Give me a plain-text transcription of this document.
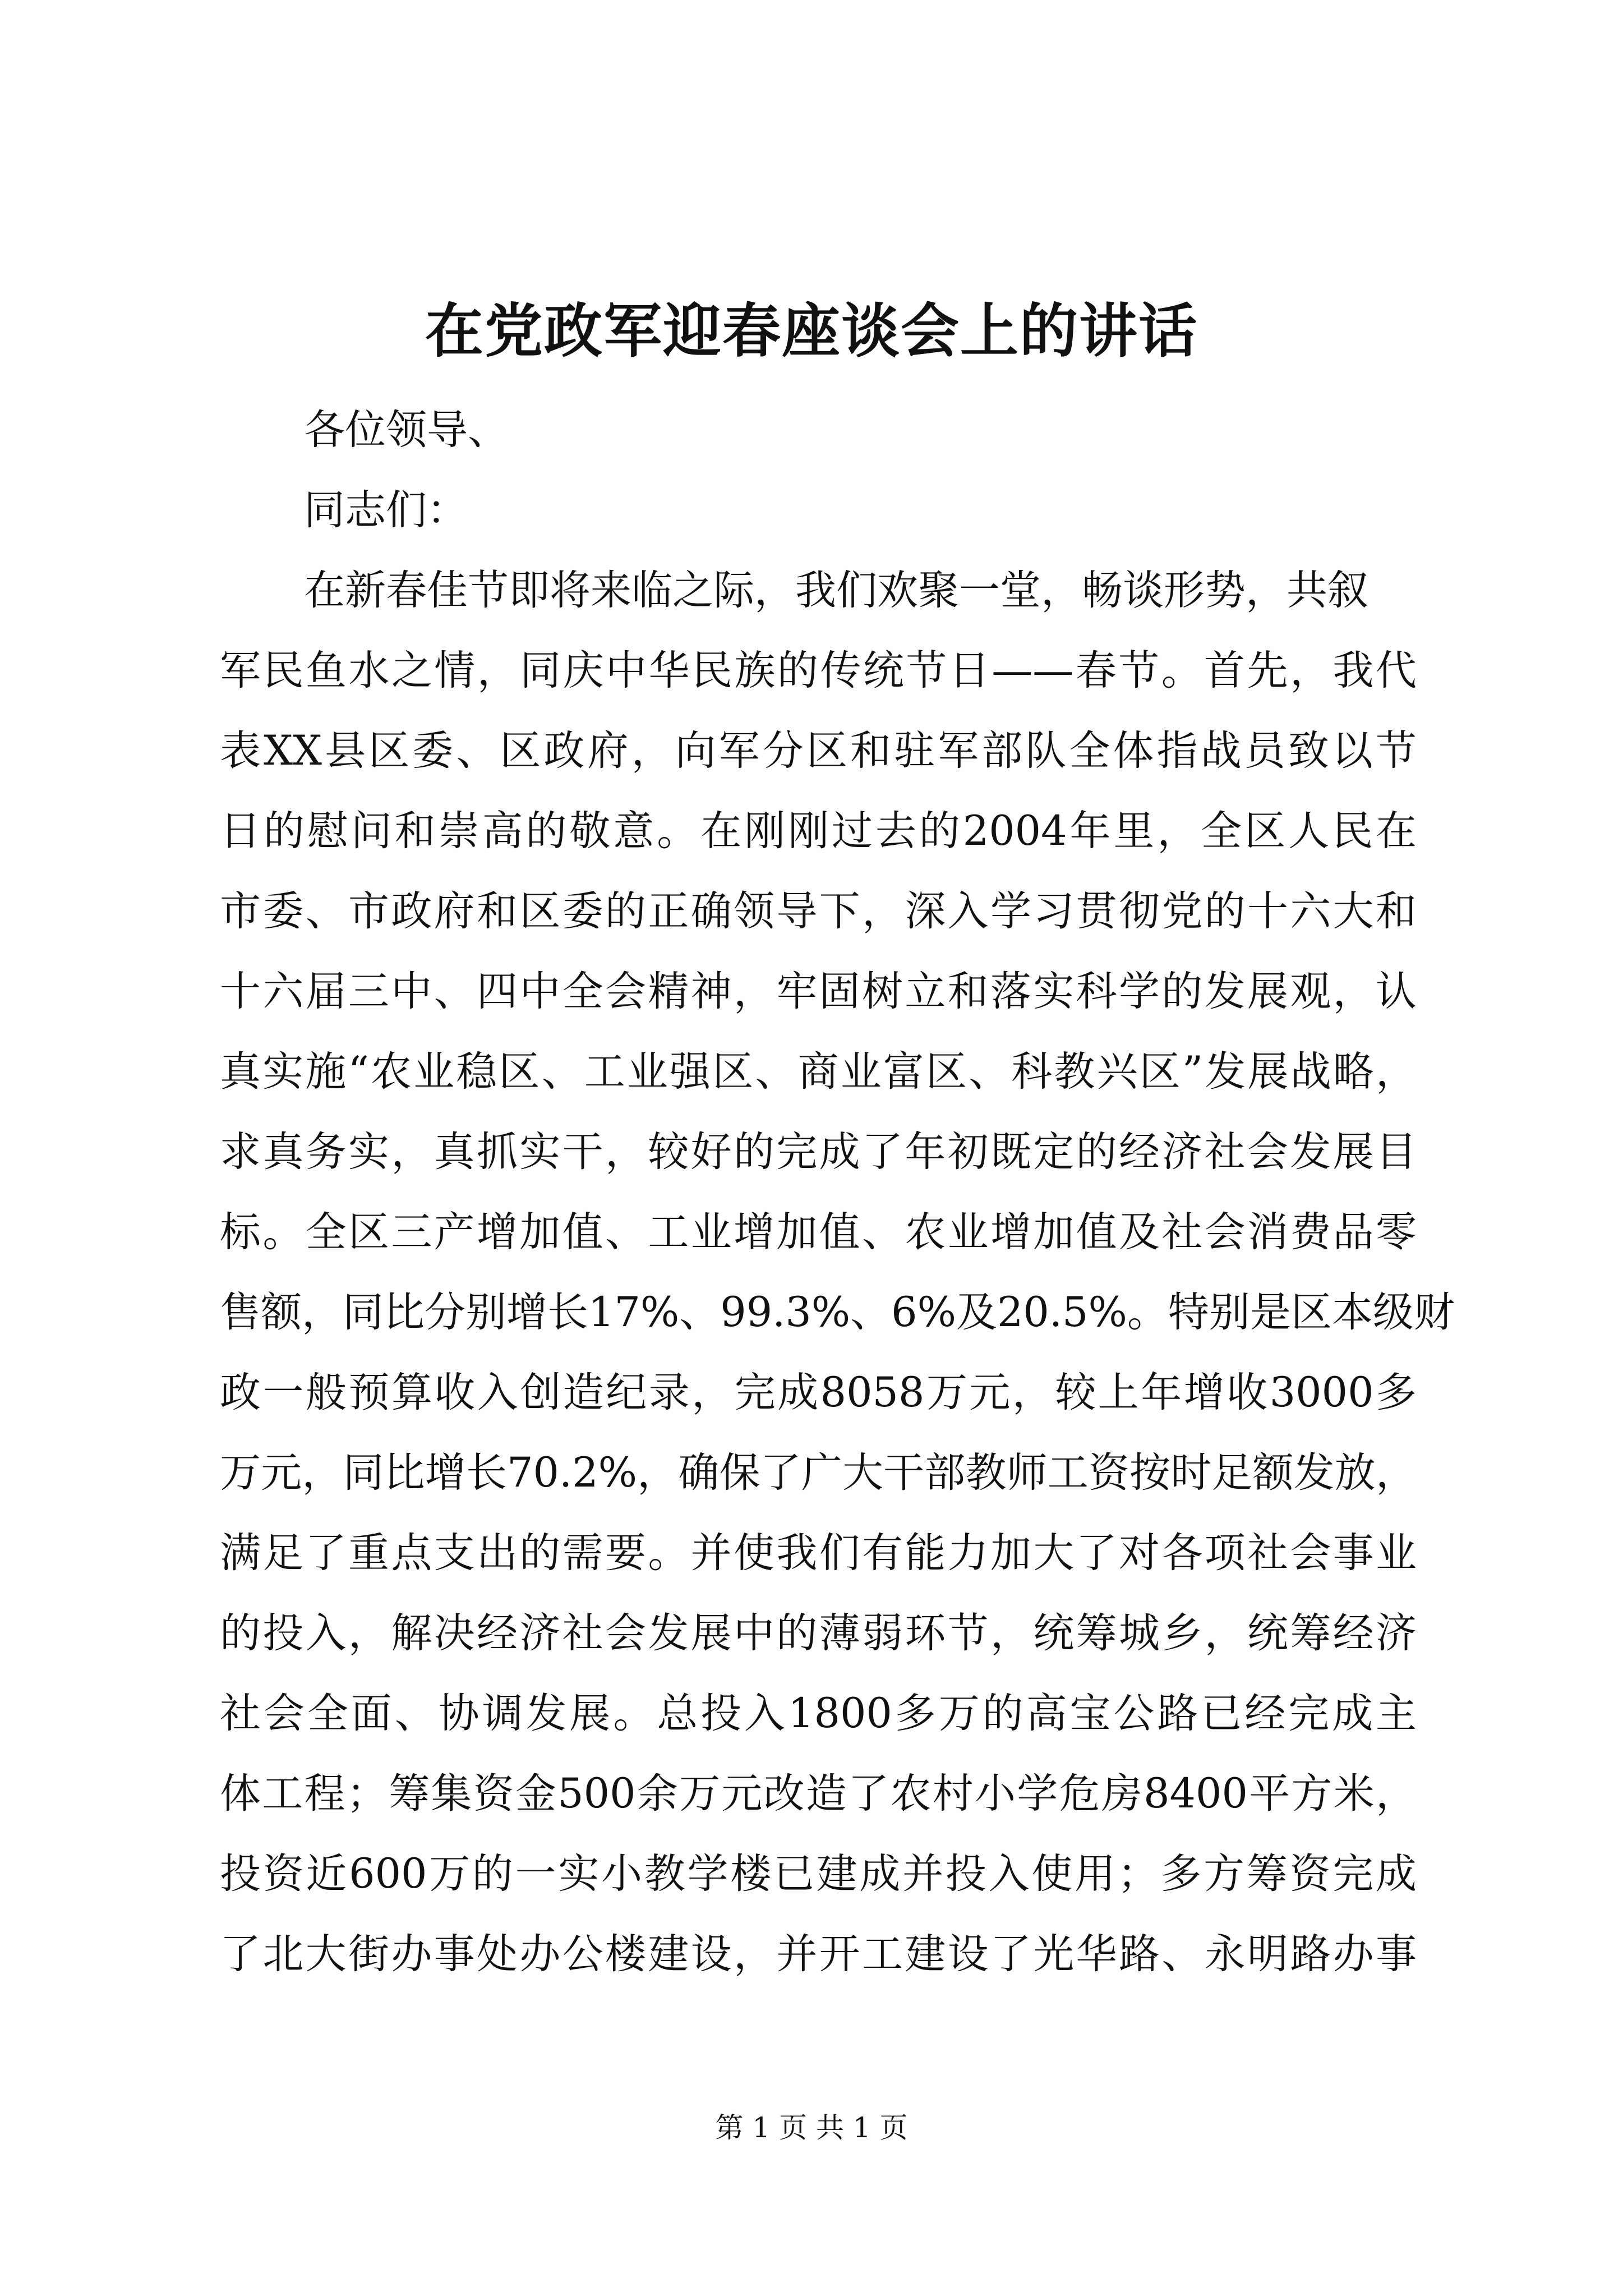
在党政军迎春座谈会上的讲话
各位领导、
同志们：
在新春佳节即将来临之际，我们欢聚一堂，畅谈形势，共叙
军民鱼水之情，同庆中华民族的传统节日——春节。首先，我代
表XX县区委、区政府，向军分区和驻军部队全体指战员致以节
日的慰问和崇高的敬意。在刚刚过去的2004年里，全区人民在
市委、市政府和区委的正确领导下，深入学习贯彻党的十六大和
十六届三中、四中全会精神，牢固树立和落实科学的发展观，认
真实施“农业稳区、工业强区、商业富区、科教兴区”发展战略，
求真务实，真抓实干，较好的完成了年初既定的经济社会发展目
标。全区三产增加值、工业增加值、农业增加值及社会消费品零
售额，同比分别增长17%、99.3%、6%及20.5%。特别是区本级财
政一般预算收入创造纪录，完成8058万元，较上年增收3000多
万元，同比增长70.2%，确保了广大干部教师工资按时足额发放，
满足了重点支出的需要。并使我们有能力加大了对各项社会事业
的投入，解决经济社会发展中的薄弱环节，统筹城乡，统筹经济
社会全面、协调发展。总投入1800多万的高宝公路已经完成主
体工程；筹集资金500余万元改造了农村小学危房8400平方米，
投资近600万的一实小教学楼已建成并投入使用；多方筹资完成
了北大街办事处办公楼建设，并开工建设了光华路、永明路办事
第 1 页 共 1 页
